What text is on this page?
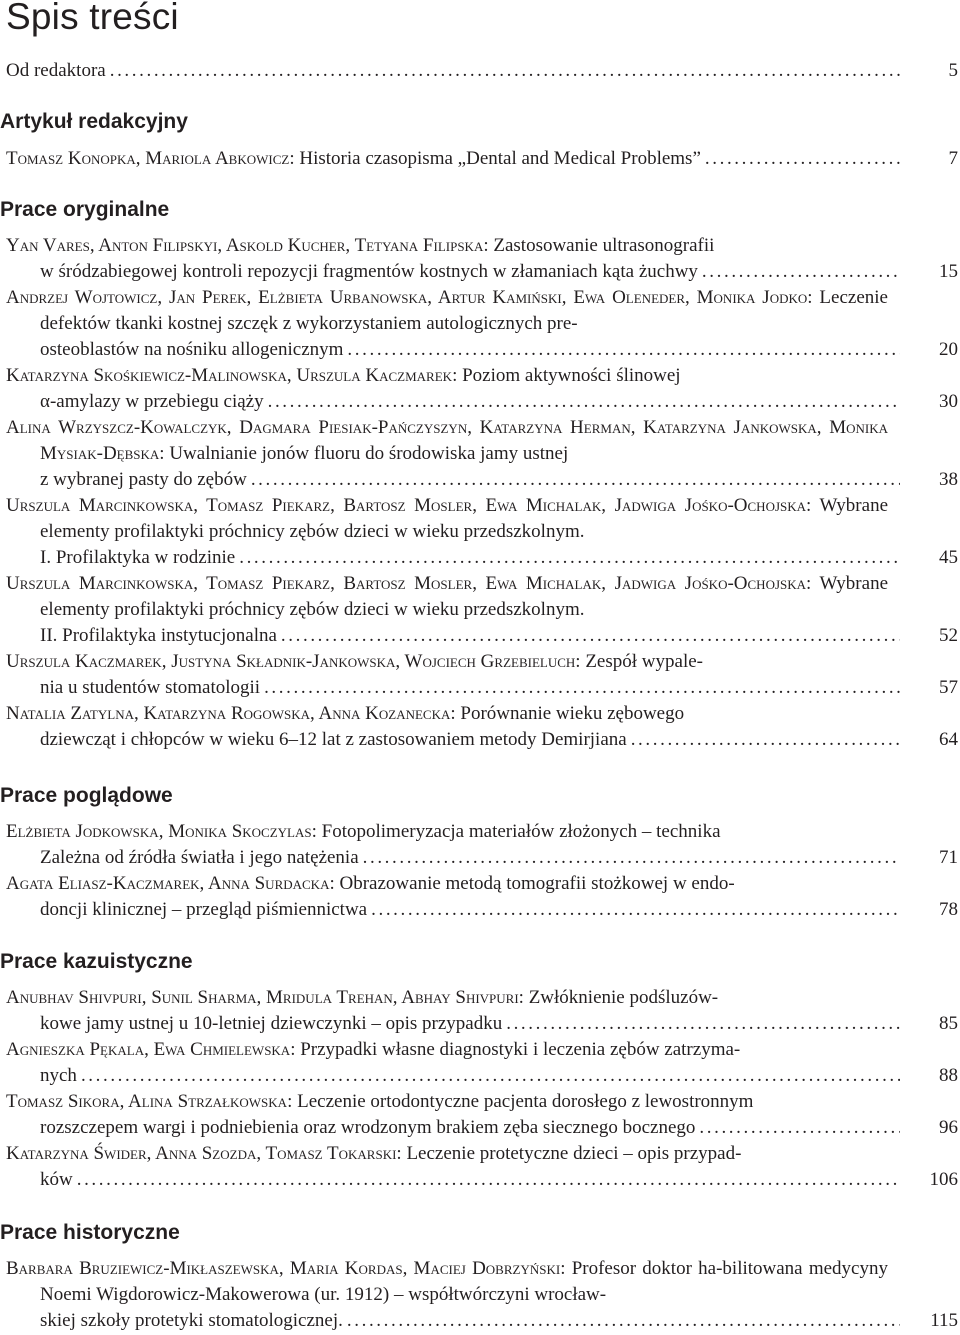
Spis treści
Od redaktora .....	5
Artykuł redakcyjny
Tomasz Konopka, Mariola Abkowicz: Historia czasopisma „Dental and Medical Problems” .....	7
Prace oryginalne
Yan Vares, Anton Filipskyi, Askold Kucher, Tetyana Filipska: Zastosowanie ultrasonografii
w śródzabiegowej kontroli repozycji fragmentów kostnych w złamaniach kąta żuchwy .....	15
Andrzej Wojtowicz, Jan Perek, Elżbieta Urbanowska, Artur Kamiński, Ewa Oleneder, Monika Jodko: Leczenie defektów tkanki kostnej szczęk z wykorzystaniem autologicznych pre-
osteoblastów na nośniku allogenicznym .....	20
Katarzyna Skośkiewicz-Malinowska, Urszula Kaczmarek: Poziom aktywności ślinowej
α-amylazy w przebiegu ciąży .....	30
Alina Wrzyszcz-Kowalczyk, Dagmara Piesiak-Pańczyszyn, Katarzyna Herman, Katarzyna Jankowska, Monika Mysiak-Dębska: Uwalnianie jonów fluoru do środowiska jamy ustnej
z wybranej pasty do zębów .....	38
Urszula Marcinkowska, Tomasz Piekarz, Bartosz Mosler, Ewa Michalak, Jadwiga Jośko-Ochojska: Wybrane elementy profilaktyki próchnicy zębów dzieci w wieku przedszkolnym.
I. Profilaktyka w rodzinie .....	45
Urszula Marcinkowska, Tomasz Piekarz, Bartosz Mosler, Ewa Michalak, Jadwiga Jośko-Ochojska: Wybrane elementy profilaktyki próchnicy zębów dzieci w wieku przedszkolnym.
II. Profilaktyka instytucjonalna .....	52
Urszula Kaczmarek, Justyna Składnik-Jankowska, Wojciech Grzebieluch: Zespół wypale-
nia u studentów stomatologii .....	57
Natalia Zatylna, Katarzyna Rogowska, Anna Kozanecka: Porównanie wieku zębowego
dziewcząt i chłopców w wieku 6–12 lat z zastosowaniem metody Demirjiana .....	64
Prace poglądowe
Elżbieta Jodkowska, Monika Skoczylas: Fotopolimeryzacja materiałów złożonych – technika
Zależna od źródła światła i jego natężenia .....	71
Agata Eliasz-Kaczmarek, Anna Surdacka: Obrazowanie metodą tomografii stożkowej w endo-
doncji klinicznej – przegląd piśmiennictwa .....	78
Prace kazuistyczne
Anubhav Shivpuri, Sunil Sharma, Mridula Trehan, Abhay Shivpuri: Zwłóknienie podśluzów-
kowe jamy ustnej u 10-letniej dziewczynki – opis przypadku .....	85
Agnieszka Pękala, Ewa Chmielewska: Przypadki własne diagnostyki i leczenia zębów zatrzyma-
nych .....	88
Tomasz Sikora, Alina Strzałkowska: Leczenie ortodontyczne pacjenta dorosłego z lewostronnym
rozszczepem wargi i podniebienia oraz wrodzonym brakiem zęba siecznego bocznego .....	96
Katarzyna Świder, Anna Szozda, Tomasz Tokarski: Leczenie protetyczne dzieci – opis przypad-
ków .....	106
Prace historyczne
Barbara Bruziewicz-Mikłaszewska, Maria Kordas, Maciej Dobrzyński: Profesor doktor ha-bilitowana medycyny Noemi Wigdorowicz-Makowerowa (ur. 1912) – współtwórczyni wrocław-
skiej szkoły protetyki stomatologicznej. .....	115
